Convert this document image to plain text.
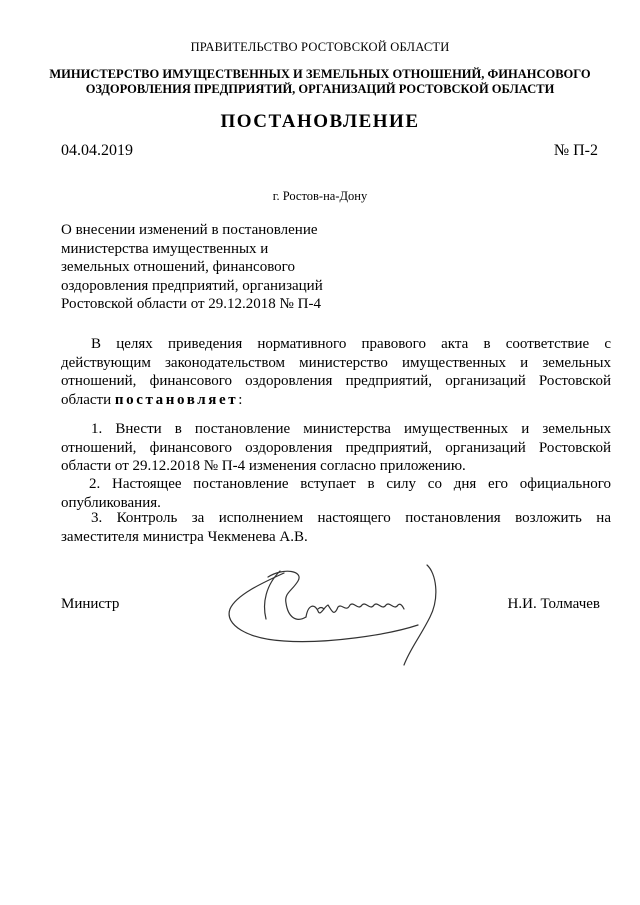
ПРАВИТЕЛЬСТВО РОСТОВСКОЙ ОБЛАСТИ
МИНИСТЕРСТВО ИМУЩЕСТВЕННЫХ И ЗЕМЕЛЬНЫХ ОТНОШЕНИЙ, ФИНАНСОВОГО
ОЗДОРОВЛЕНИЯ ПРЕДПРИЯТИЙ, ОРГАНИЗАЦИЙ РОСТОВСКОЙ ОБЛАСТИ
ПОСТАНОВЛЕНИЕ
04.04.2019	№ П-2
г. Ростов-на-Дону
О внесении изменений в постановление
министерства имущественных и
земельных отношений, финансового
оздоровления предприятий, организаций
Ростовской области от 29.12.2018 № П-4
В целях приведения нормативного правового акта в соответствие с действующим законодательством министерство имущественных и земельных отношений, финансового оздоровления предприятий, организаций Ростовской области постановляет:
1. Внести в постановление министерства имущественных и земельных отношений, финансового оздоровления предприятий, организаций Ростовской области от 29.12.2018 № П-4 изменения согласно приложению.
2. Настоящее постановление вступает в силу со дня его официального опубликования.
3. Контроль за исполнением настоящего постановления возложить на заместителя министра Чекменева А.В.
Министр	Н.И. Толмачев
